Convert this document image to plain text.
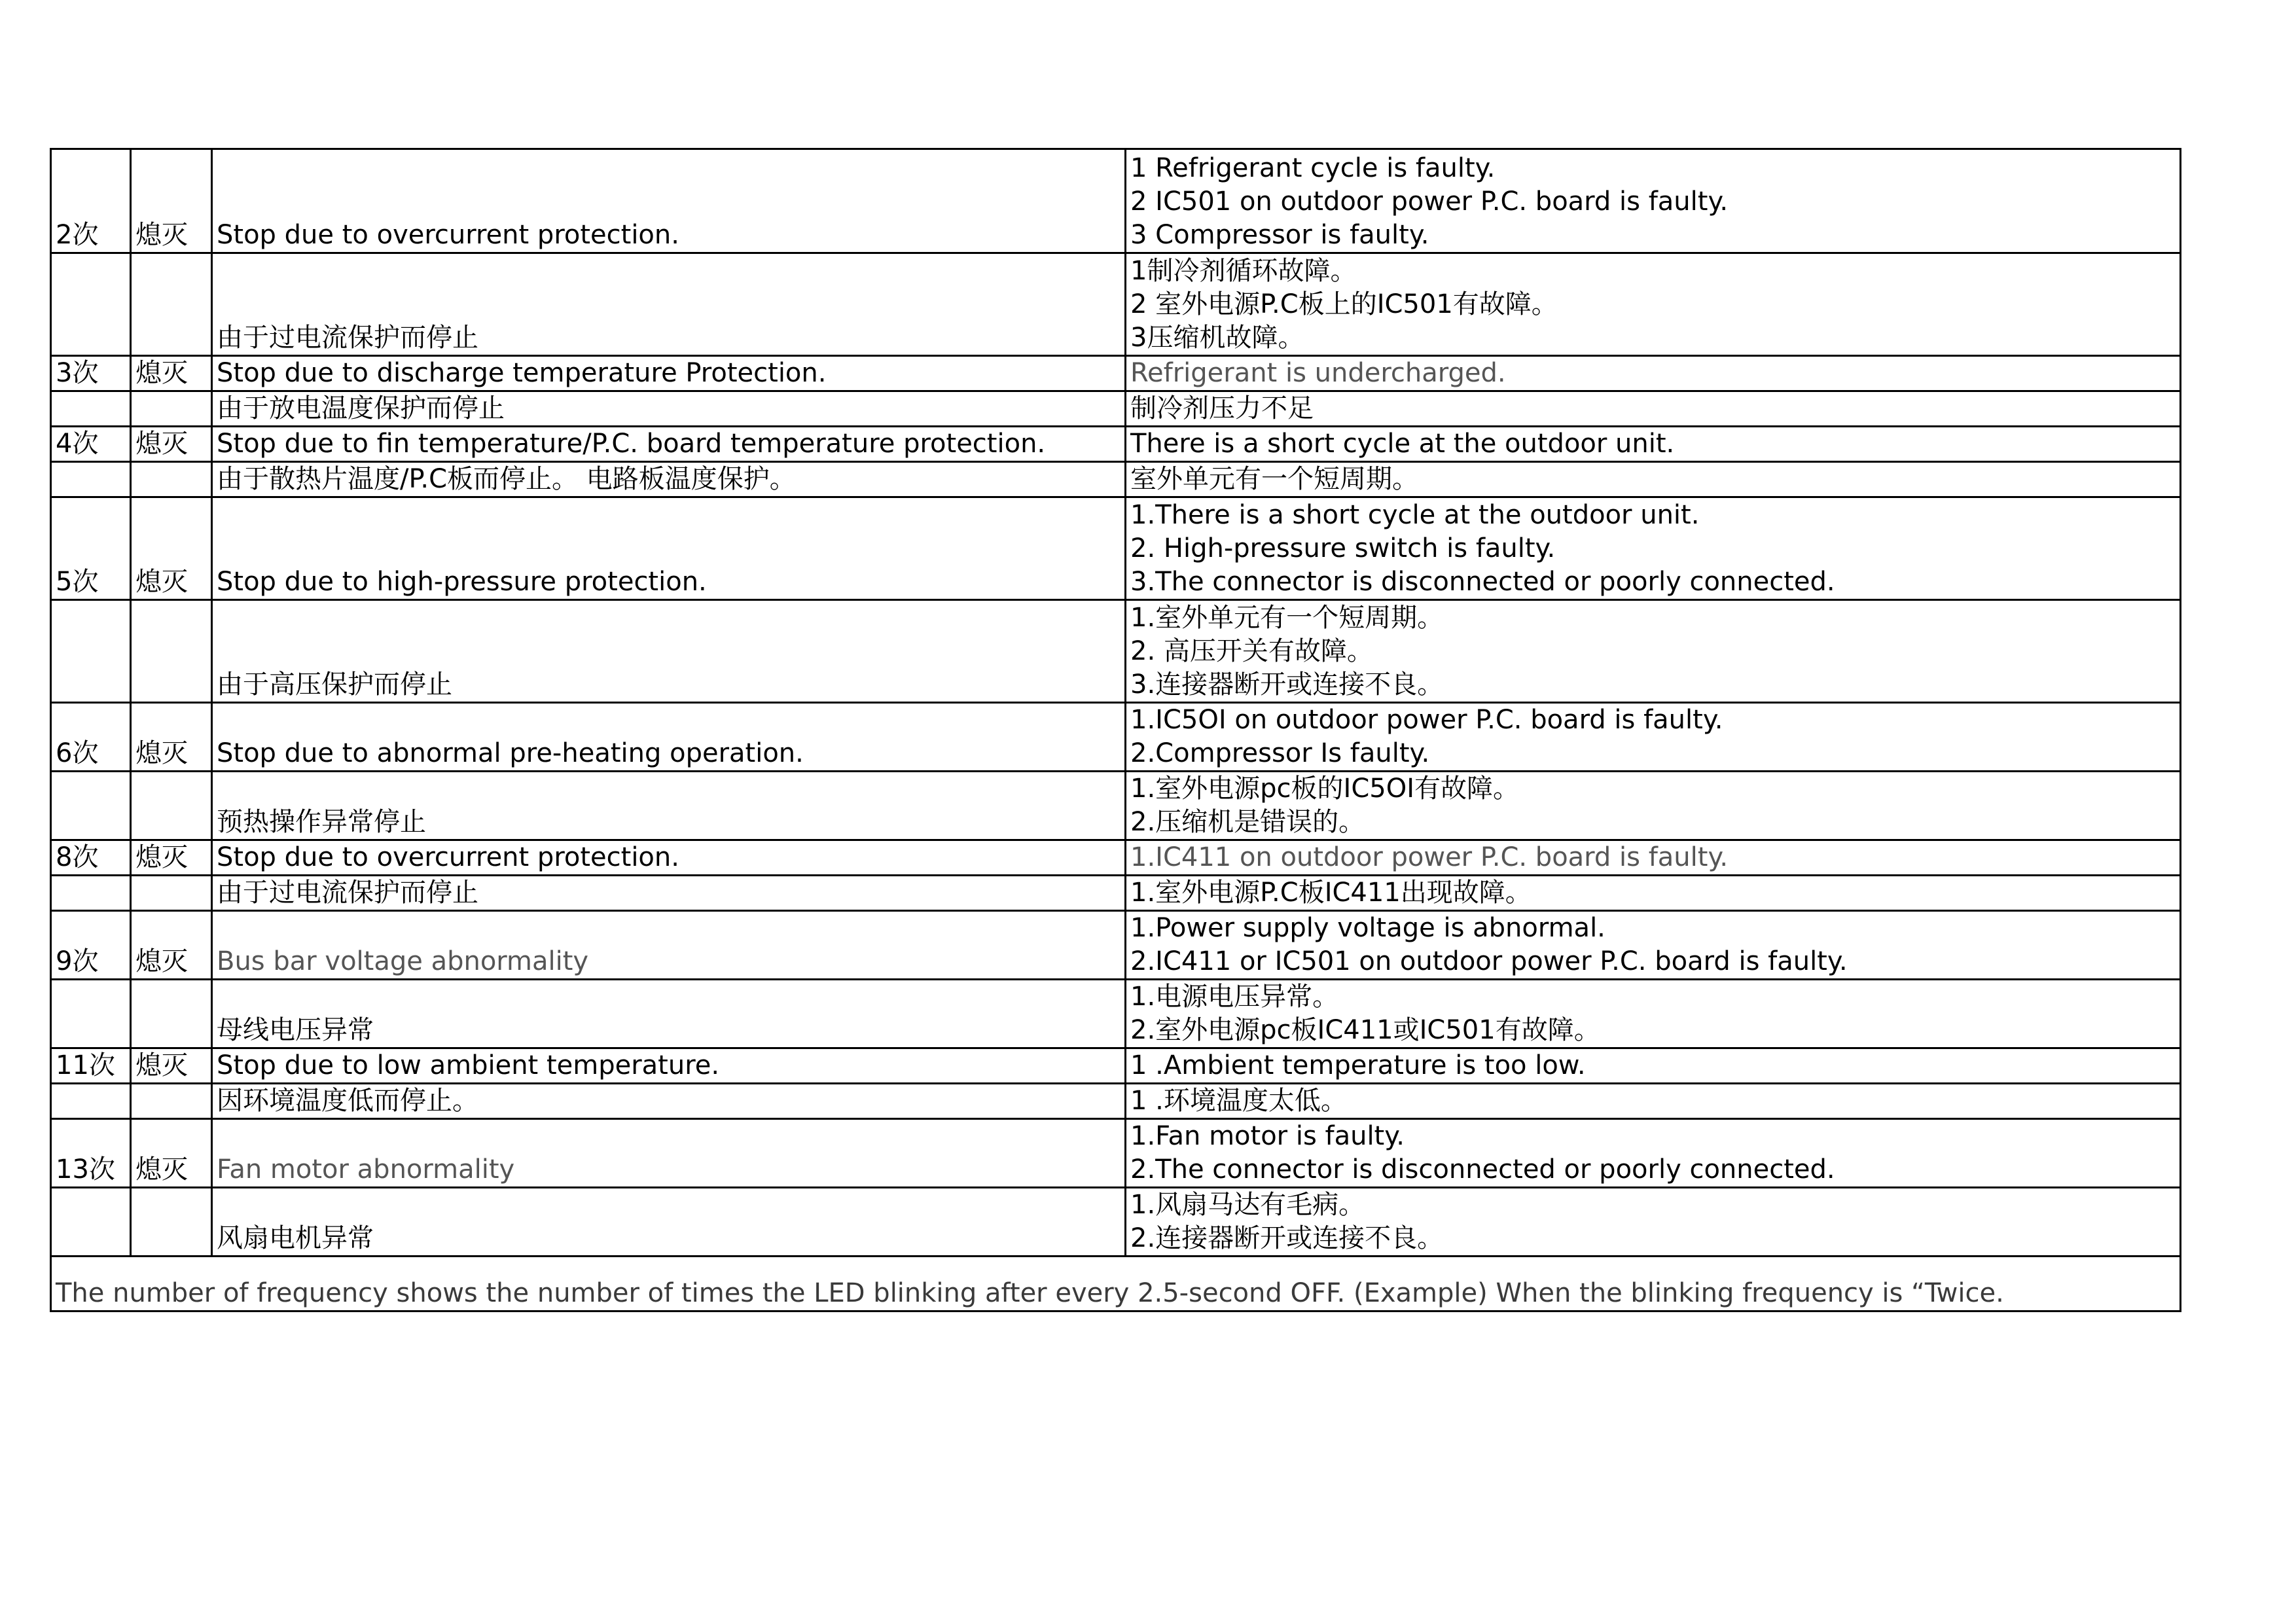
2次	熄灭	Stop due to overcurrent protection.	1 Refrigerant cycle is faulty.
2 IC501 on outdoor power P.C. board is faulty.
3 Compressor is faulty.

		由于过电流保护而停止	1制冷剂循环故障。
2 室外电源P.C板上的IC501有故障。
3压缩机故障。

3次	熄灭	Stop due to discharge temperature Protection.	Refrigerant is undercharged.
		由于放电温度保护而停止	制冷剂压力不足
4次	熄灭	Stop due to fin temperature/P.C. board temperature protection.	There is a short cycle at the outdoor unit.
		由于散热片温度/P.C板而停止。 电路板温度保护。	室外单元有一个短周期。
5次	熄灭	Stop due to high-pressure protection.	1.There is a short cycle at the outdoor unit.
2. High-pressure switch is faulty.
3.The connector is disconnected or poorly connected.

		由于高压保护而停止	1.室外单元有一个短周期。
2. 高压开关有故障。
3.连接器断开或连接不良。

6次	熄灭	Stop due to abnormal pre-heating operation.	1.IC5OI on outdoor power P.C. board is faulty.
2.Compressor Is faulty.

		预热操作异常停止	1.室外电源pc板的IC5OI有故障。
2.压缩机是错误的。

8次	熄灭	Stop due to overcurrent protection.	1.IC411 on outdoor power P.C. board is faulty.
		由于过电流保护而停止	1.室外电源P.C板IC411出现故障。
9次	熄灭	Bus bar voltage abnormality	1.Power supply voltage is abnormal.
2.IC411 or IC501 on outdoor power P.C. board is faulty.

		母线电压异常	1.电源电压异常。
2.室外电源pc板IC411或IC501有故障。

11次	熄灭	Stop due to low ambient temperature.	1 .Ambient temperature is too low.
		因环境温度低而停止。	1 .环境温度太低。
13次	熄灭	Fan motor abnormality	1.Fan motor is faulty.
2.The connector is disconnected or poorly connected.

		风扇电机异常	1.风扇马达有毛病。
2.连接器断开或连接不良。

The number of frequency shows the number of times the LED blinking after every 2.5-second OFF. (Example) When the blinking frequency is “Twice.			
